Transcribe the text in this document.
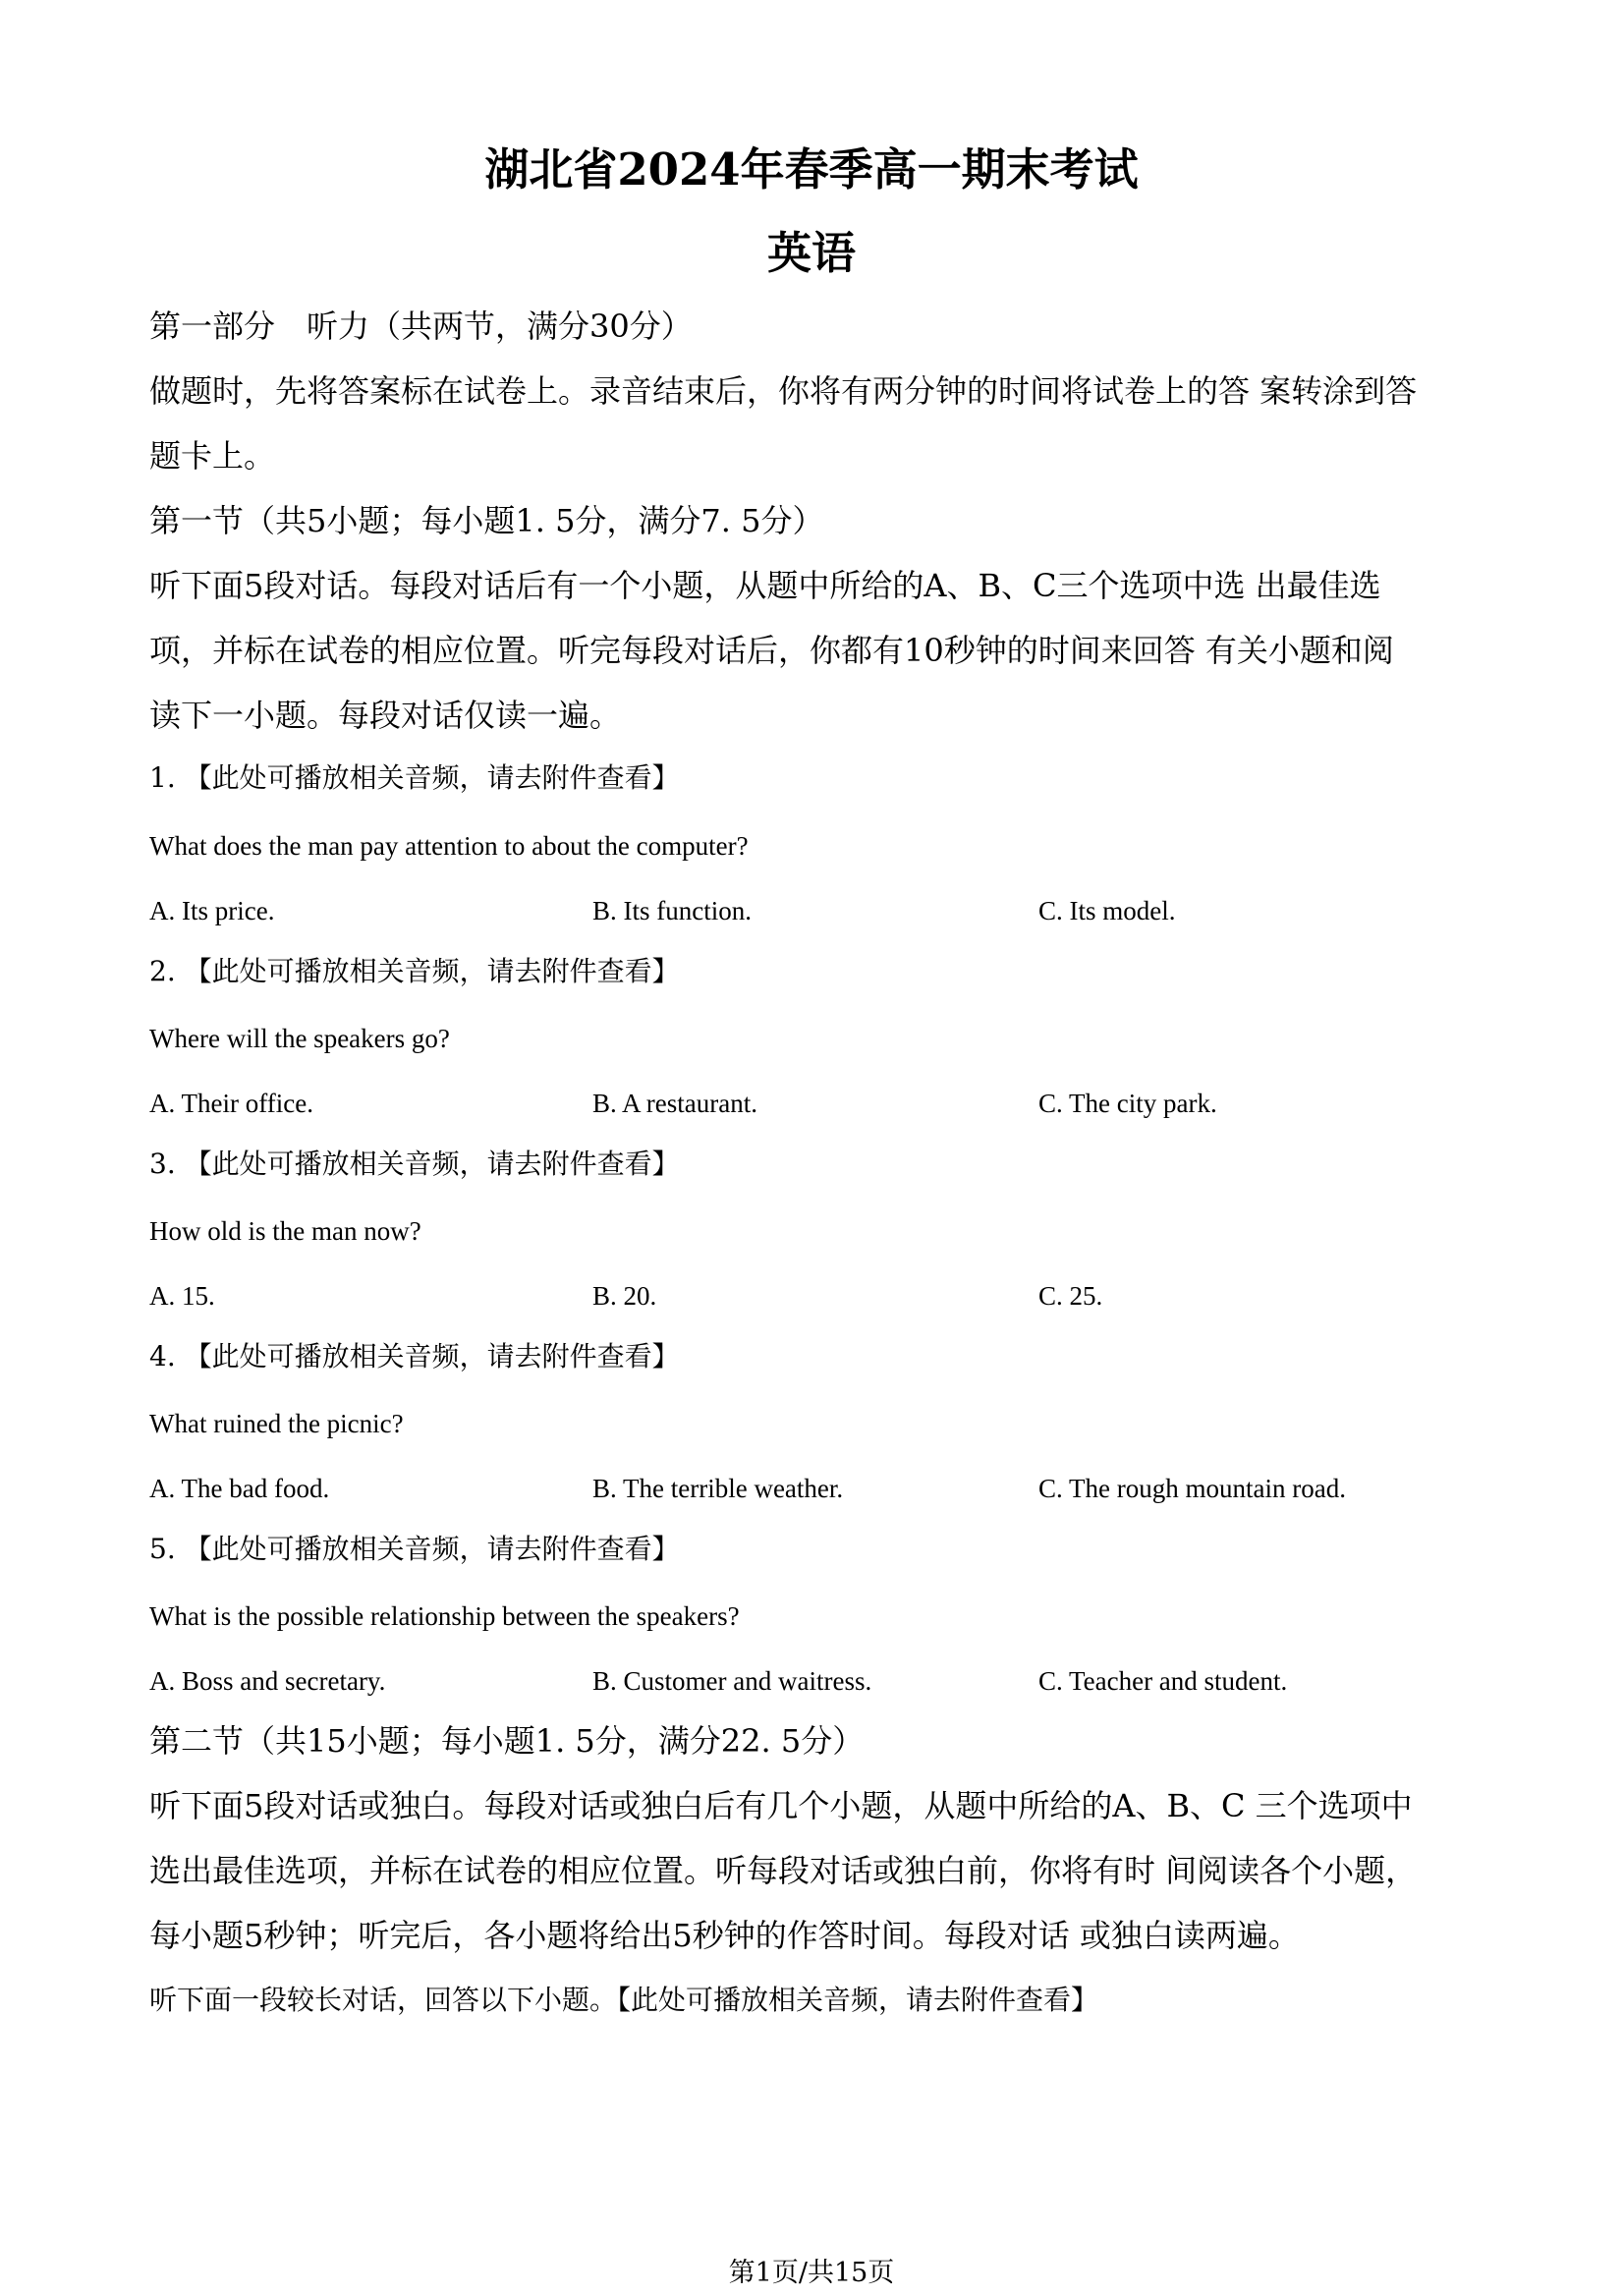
湖北省2024年春季高一期末考试
英语
第一部分　听力（共两节，满分30分）
做题时，先将答案标在试卷上。录音结束后，你将有两分钟的时间将试卷上的答 案转涂到答
题卡上。
第一节（共5小题；每小题1. 5分，满分7. 5分）
听下面5段对话。每段对话后有一个小题，从题中所给的A、B、C三个选项中选 出最佳选
项，并标在试卷的相应位置。听完每段对话后，你都有10秒钟的时间来回答 有关小题和阅
读下一小题。每段对话仅读一遍。
1. 【此处可播放相关音频，请去附件查看】
What does the man pay attention to about the computer?
A. Its price.	B. Its function.	C. Its model.
2. 【此处可播放相关音频，请去附件查看】
Where will the speakers go?
A. Their office.	B. A restaurant.	C. The city park.
3. 【此处可播放相关音频，请去附件查看】
How old is the man now?
A. 15.	B. 20.	C. 25.
4. 【此处可播放相关音频，请去附件查看】
What ruined the picnic?
A. The bad food.	B. The terrible weather.	C. The rough mountain road.
5. 【此处可播放相关音频，请去附件查看】
What is the possible relationship between the speakers?
A. Boss and secretary.	B. Customer and waitress.	C. Teacher and student.
第二节（共15小题；每小题1. 5分，满分22. 5分）
听下面5段对话或独白。每段对话或独白后有几个小题，从题中所给的A、B、C 三个选项中
选出最佳选项，并标在试卷的相应位置。听每段对话或独白前，你将有时 间阅读各个小题，
每小题5秒钟；听完后，各小题将给出5秒钟的作答时间。每段对话 或独白读两遍。
听下面一段较长对话，回答以下小题。【此处可播放相关音频，请去附件查看】
第1页/共15页
